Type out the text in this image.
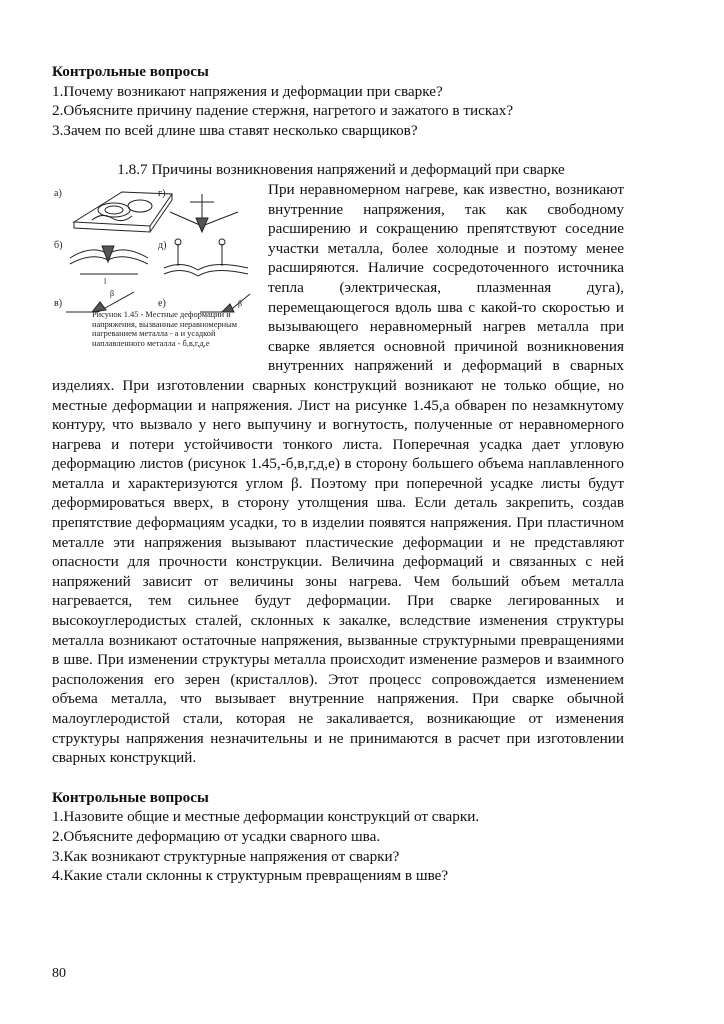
Контрольные вопросы

1.Почему возникают напряжения и деформации при сварке?

2.Объясните причину падение стержня, нагретого и зажатого в тисках?

3.Зачем по всей длине шва ставят несколько сварщиков?

1.8.7 Причины возникновения напряжений и деформаций при сварке

а)
б)
l
в)
β
г)
д)
е)	β
Рисунок 1.45 - Местные деформации и напряжения, вызванные неравномерным нагреванием металла - а и усадкой наплавленного металла - б,в,г,д,е

При неравномерном нагреве, как известно, возникают внутренние напряжения, так как свободному расширению и сокращению препятствуют соседние участки металла, более холодные и поэтому менее расширяются. Наличие сосредоточенного источника тепла (электрическая, плазменная дуга), перемещающегося вдоль шва с какой-то скоростью и вызывающего неравномерный нагрев металла при сварке является основной причиной возникновения внутренних напряжений и деформаций в сварных изделиях. При изготовлении сварных конструкций возникают не только общие, но местные деформации и напряжения. Лист на рисунке 1.45,а обварен по незамкнутому контуру, что вызвало у него выпучину и вогнутость, полученные от неравномерного нагрева и потери устойчивости тонкого листа. Поперечная усадка дает угловую деформацию листов (рисунок 1.45,-б,в,г,д,е) в сторону большего объема наплавленного металла и характеризуются углом β. Поэтому при поперечной усадке листы будут деформироваться вверх, в сторону утолщения шва. Если деталь закрепить, создав препятствие деформациям усадки, то в изделии появятся напряжения. При пластичном металле эти напряжения вызывают пластические деформации и не представляют опасности для прочности конструкции. Величина деформаций и связанных с ней напряжений зависит от величины зоны нагрева. Чем больший объем металла нагревается, тем сильнее будут деформации. При сварке легированных и высокоуглеродистых сталей, склонных к закалке, вследствие изменения структуры металла возникают остаточные напряжения, вызванные структурными превращениями в шве. При изменении структуры металла происходит изменение размеров и взаимного расположения его зерен (кристаллов). Этот процесс сопровождается изменением объема металла, что вызывает внутренние напряжения. При сварке обычной малоуглеродистой стали, которая не закаливается, возникающие от изменения структуры напряжения незначительны и не принимаются в расчет при изготовлении сварных конструкций.

Контрольные вопросы

1.Назовите общие и местные деформации конструкций от сварки.

2.Объясните деформацию от усадки сварного шва.

3.Как возникают структурные напряжения от сварки?

4.Какие стали склонны к структурным превращениям в шве?

80
